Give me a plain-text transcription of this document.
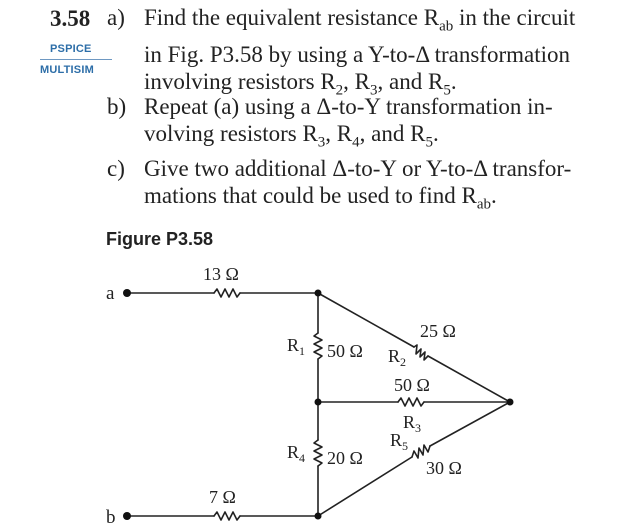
3.58
PSPICE
MULTISIM
a) Find the equivalent resistance $R_{ab}$ in the circuit
in Fig. P3.58 by using a Y-to-Δ transformation
involving resistors $R_2$, $R_3$, and $R_5$.
b) Repeat (a) using a Δ-to-Y transformation in-
volving resistors $R_3$, $R_4$, and $R_5$.
c) Give two additional Δ-to-Y or Y-to-Δ transfor-
mations that could be used to find $R_{ab}$.
Figure P3.58
a
b
13 Ω
7 Ω
$R_1$ 50 Ω
25 Ω
$R_2$
50 Ω
$R_3$
$R_4$ 20 Ω
$R_5$
30 Ω
